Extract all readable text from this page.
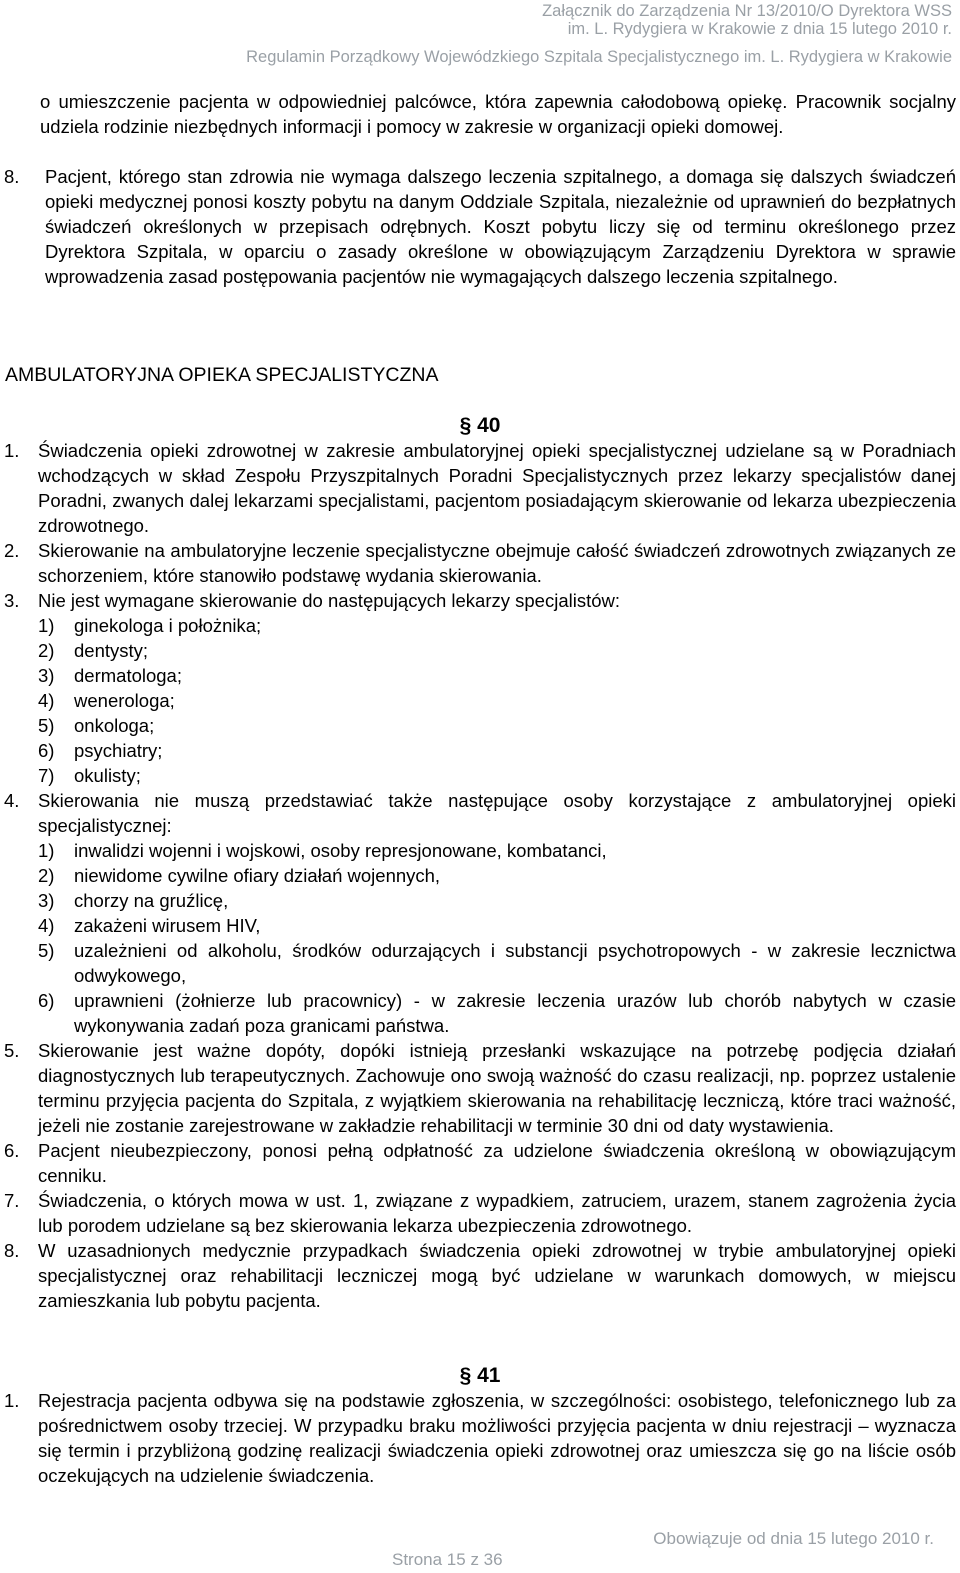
Załącznik do Zarządzenia Nr 13/2010/O Dyrektora WSS
im. L. Rydygiera w Krakowie z dnia 15 lutego 2010 r.
Regulamin Porządkowy Wojewódzkiego Szpitala Specjalistycznego im. L. Rydygiera w Krakowie

o umieszczenie pacjenta w odpowiedniej palcówce, która zapewnia całodobową opiekę. Pracownik socjalny udziela rodzinie niezbędnych informacji i pomocy w zakresie w organizacji opieki domowej.

8. Pacjent, którego stan zdrowia nie wymaga dalszego leczenia szpitalnego, a domaga się dalszych świadczeń opieki medycznej ponosi koszty pobytu na danym Oddziale Szpitala, niezależnie od uprawnień do bezpłatnych świadczeń określonych w przepisach odrębnych. Koszt pobytu liczy się od terminu określonego przez Dyrektora Szpitala, w oparciu o zasady określone w obowiązującym Zarządzeniu Dyrektora w sprawie wprowadzenia zasad postępowania pacjentów nie wymagających dalszego leczenia szpitalnego.
AMBULATORYJNA OPIEKA SPECJALISTYCZNA
§ 40
1. Świadczenia opieki zdrowotnej w zakresie ambulatoryjnej opieki specjalistycznej udzielane są w Poradniach wchodzących w skład Zespołu Przyszpitalnych Poradni Specjalistycznych przez lekarzy specjalistów danej Poradni, zwanych dalej lekarzami specjalistami, pacjentom posiadającym skierowanie od lekarza ubezpieczenia zdrowotnego.
2. Skierowanie na ambulatoryjne leczenie specjalistyczne obejmuje całość świadczeń zdrowotnych związanych ze schorzeniem, które stanowiło podstawę wydania skierowania.
3. Nie jest wymagane skierowanie do następujących lekarzy specjalistów:
1) ginekologa i położnika;
2) dentysty;
3) dermatologa;
4) wenerologa;
5) onkologa;
6) psychiatry;
7) okulisty;
4. Skierowania nie muszą przedstawiać także następujące osoby korzystające z ambulatoryjnej opieki specjalistycznej:
1) inwalidzi wojenni i wojskowi, osoby represjonowane, kombatanci,
2) niewidome cywilne ofiary działań wojennych,
3) chorzy na gruźlicę,
4) zakażeni wirusem HIV,
5) uzależnieni od alkoholu, środków odurzających i substancji psychotropowych - w zakresie lecznictwa odwykowego,
6) uprawnieni (żołnierze lub pracownicy) - w zakresie leczenia urazów lub chorób nabytych w czasie wykonywania zadań poza granicami państwa.
5. Skierowanie jest ważne dopóty, dopóki istnieją przesłanki wskazujące na potrzebę podjęcia działań diagnostycznych lub terapeutycznych. Zachowuje ono swoją ważność do czasu realizacji, np. poprzez ustalenie terminu przyjęcia pacjenta do Szpitala, z wyjątkiem skierowania na rehabilitację leczniczą, które traci ważność, jeżeli nie zostanie zarejestrowane w zakładzie rehabilitacji w terminie 30 dni od daty wystawienia.
6. Pacjent nieubezpieczony, ponosi pełną odpłatność za udzielone świadczenia określoną w obowiązującym cenniku.
7. Świadczenia, o których mowa w ust. 1, związane z wypadkiem, zatruciem, urazem, stanem zagrożenia życia lub porodem udzielane są bez skierowania lekarza ubezpieczenia zdrowotnego.
8. W uzasadnionych medycznie przypadkach świadczenia opieki zdrowotnej w trybie ambulatoryjnej opieki specjalistycznej oraz rehabilitacji leczniczej mogą być udzielane w warunkach domowych, w miejscu zamieszkania lub pobytu pacjenta.
§ 41
1. Rejestracja pacjenta odbywa się na podstawie zgłoszenia, w szczególności: osobistego, telefonicznego lub za pośrednictwem osoby trzeciej. W przypadku braku możliwości przyjęcia pacjenta w dniu rejestracji – wyznacza się termin i przybliżoną godzinę realizacji świadczenia opieki zdrowotnej oraz umieszcza się go na liście osób oczekujących na udzielenie świadczenia.
Obowiązuje od dnia 15 lutego 2010 r.
Strona 15 z 36
